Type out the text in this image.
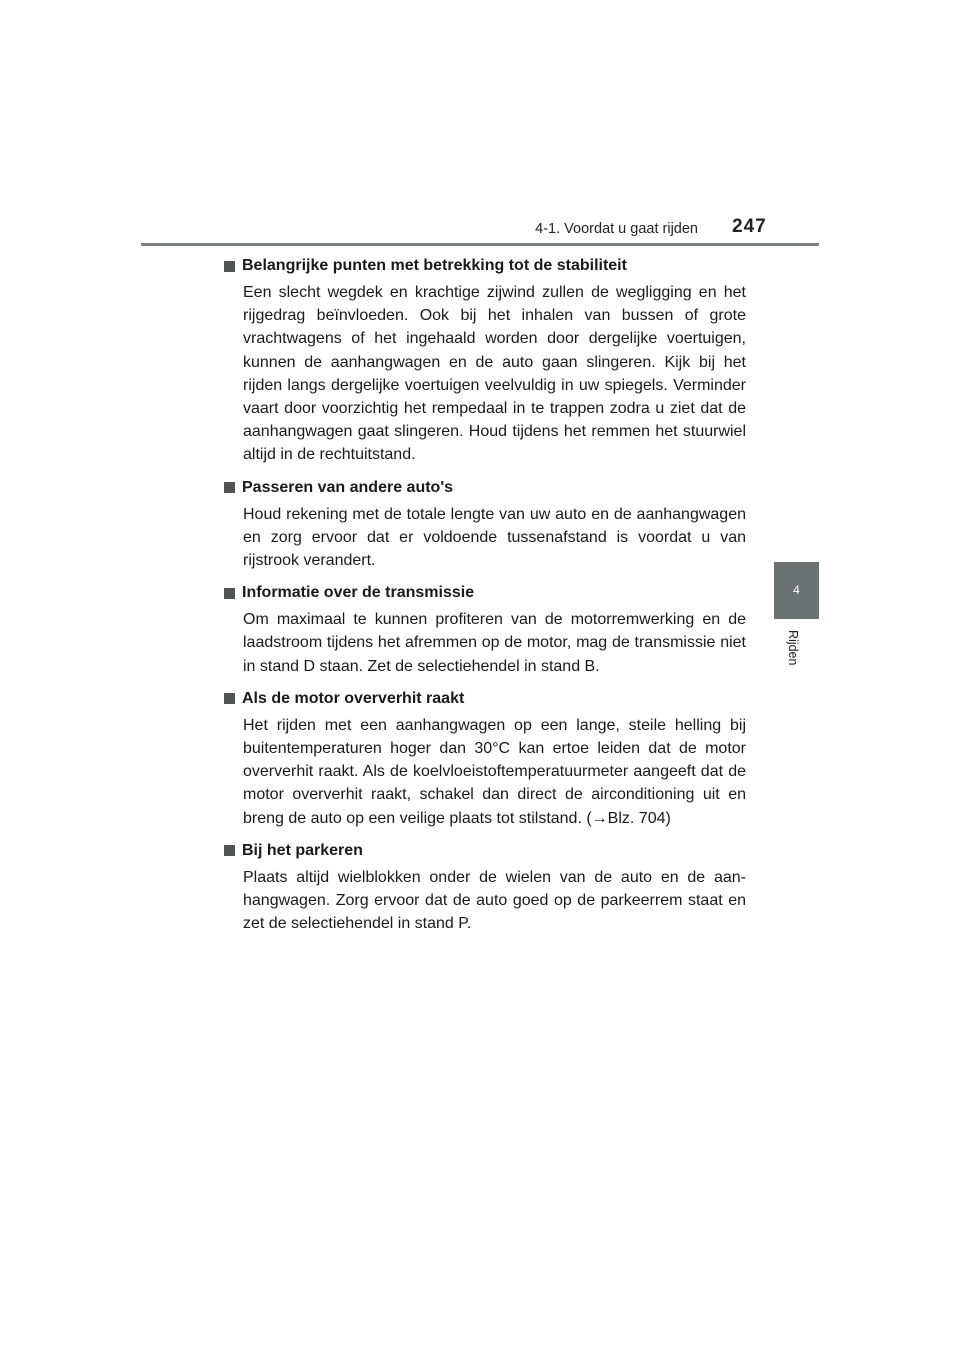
4-1. Voordat u gaat rijden 247
4
Rijden
Belangrijke punten met betrekking tot de stabiliteit

Een slecht wegdek en krachtige zijwind zullen de wegligging en het rijgedrag beïnvloeden. Ook bij het inhalen van bussen of grote vrachtwagens of het ingehaald worden door dergelijke voertuigen, kunnen de aanhangwagen en de auto gaan slingeren. Kijk bij het rijden langs dergelijke voertuigen veelvuldig in uw spiegels. Verminder vaart door voorzichtig het rempedaal in te trappen zodra u ziet dat de aanhangwagen gaat slingeren. Houd tijdens het remmen het stuurwiel altijd in de rechtuitstand.

Passeren van andere auto's

Houd rekening met de totale lengte van uw auto en de aanhangwagen en zorg ervoor dat er voldoende tussenafstand is voordat u van rijstrook verandert.

Informatie over de transmissie

Om maximaal te kunnen profiteren van de motorremwerking en de laadstroom tijdens het afremmen op de motor, mag de transmissie niet in stand D staan. Zet de selectiehendel in stand B.

Als de motor oververhit raakt

Het rijden met een aanhangwagen op een lange, steile helling bij buitentemperaturen hoger dan 30°C kan ertoe leiden dat de motor oververhit raakt. Als de koelvloeistoftemperatuurmeter aangeeft dat de motor oververhit raakt, schakel dan direct de airconditioning uit en breng de auto op een veilige plaats tot stilstand. (→Blz. 704)

Bij het parkeren

Plaats altijd wielblokken onder de wielen van de auto en de aanhangwagen. Zorg ervoor dat de auto goed op de parkeerrem staat en zet de selectiehendel in stand P.
